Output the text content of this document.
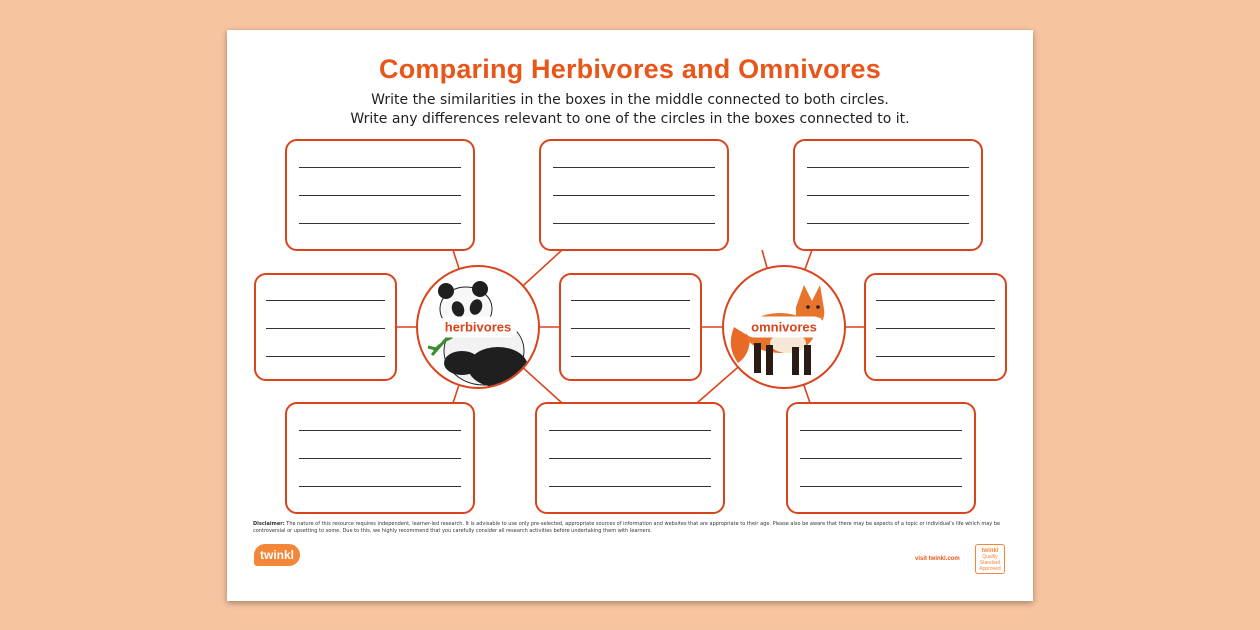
Comparing Herbivores and Omnivores
Write the similarities in the boxes in the middle connected to both circles.
Write any differences relevant to one of the circles in the boxes connected to it.
herbivores	omnivores
Disclaimer: The nature of this resource requires independent, learner-led research. It is advisable to use only pre-selected, appropriate sources of information and websites that are appropriate to their age. Please also be aware that there may be aspects of a topic or individual's life which may be controversial or upsetting to some. Due to this, we highly recommend that you carefully consider all research activities before undertaking them with learners.
twinkl	visit twinkl.com
twinkl
Quality Standard Approved
